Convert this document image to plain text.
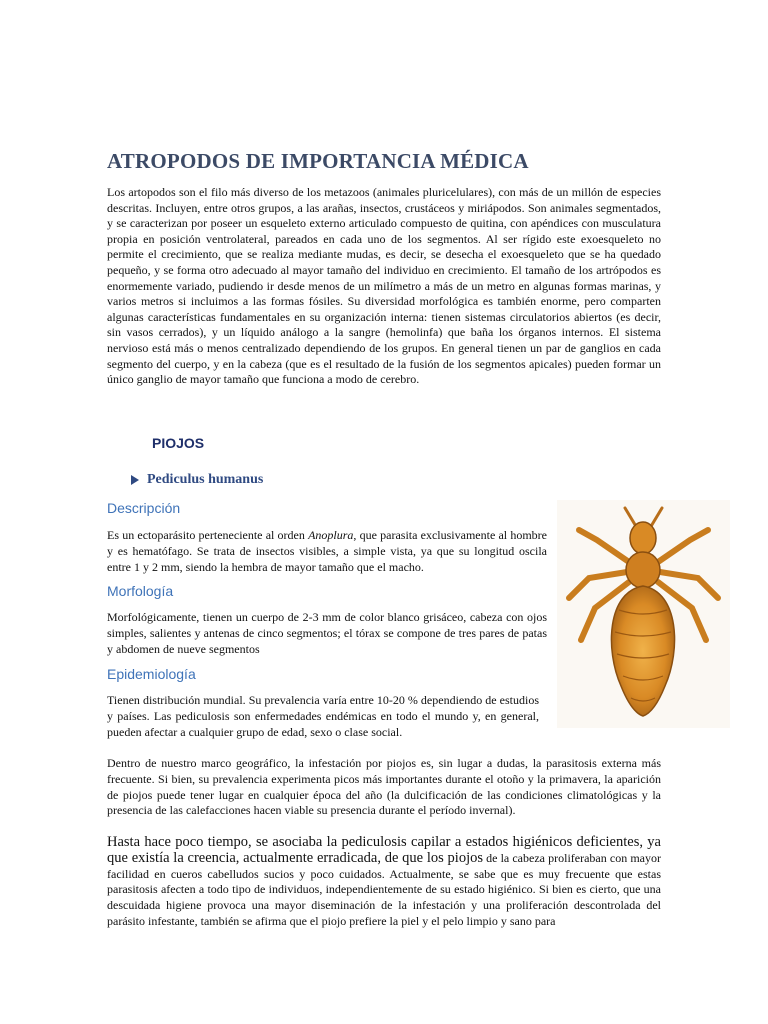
ATROPODOS DE IMPORTANCIA MÉDICA

Los artopodos son el filo más diverso de los metazoos (animales pluricelulares), con más de un millón de especies descritas. Incluyen, entre otros grupos, a las arañas, insectos, crustáceos y miriápodos. Son animales segmentados, y se caracterizan por poseer un esqueleto externo articulado compuesto de quitina, con apéndices con musculatura propia en posición ventrolateral, pareados en cada uno de los segmentos. Al ser rígido este exoesqueleto no permite el crecimiento, que se realiza mediante mudas, es decir, se desecha el exoesqueleto que se ha quedado pequeño, y se forma otro adecuado al mayor tamaño del individuo en crecimiento. El tamaño de los artrópodos es enormemente variado, pudiendo ir desde menos de un milímetro a más de un metro en algunas formas marinas, y varios metros si incluimos a las formas fósiles. Su diversidad morfológica es también enorme, pero comparten algunas características fundamentales en su organización interna: tienen sistemas circulatorios abiertos (es decir, sin vasos cerrados), y un líquido análogo a la sangre (hemolinfa) que baña los órganos internos. El sistema nervioso está más o menos centralizado dependiendo de los grupos. En general tienen un par de ganglios en cada segmento del cuerpo, y en la cabeza (que es el resultado de la fusión de los segmentos apicales) pueden formar un único ganglio de mayor tamaño que funciona a modo de cerebro.

PIOJOS
Pediculus humanus
Descripción

Es un ectoparásito perteneciente al orden Anoplura, que parasita exclusivamente al hombre y es hematófago. Se trata de insectos visibles, a simple vista, ya que su longitud oscila entre 1 y 2 mm, siendo la hembra de mayor tamaño que el macho.

Morfología

Morfológicamente, tienen un cuerpo de 2-3 mm de color blanco grisáceo, cabeza con ojos simples, salientes y antenas de cinco segmentos; el tórax se compone de tres pares de patas y abdomen de nueve segmentos

Epidemiología

Tienen distribución mundial. Su prevalencia varía entre 10-20 % dependiendo de estudios y países. Las pediculosis son enfermedades endémicas en todo el mundo y, en general, pueden afectar a cualquier grupo de edad, sexo o clase social.

Dentro de nuestro marco geográfico, la infestación por piojos es, sin lugar a dudas, la parasitosis externa más frecuente. Si bien, su prevalencia experimenta picos más importantes durante el otoño y la primavera, la aparición de piojos puede tener lugar en cualquier época del año (la dulcificación de las condiciones climatológicas y la presencia de las calefacciones hacen viable su presencia durante el período invernal).

Hasta hace poco tiempo, se asociaba la pediculosis capilar a estados higiénicos deficientes, ya que existía la creencia, actualmente erradicada, de que los piojos de la cabeza proliferaban con mayor facilidad en cueros cabelludos sucios y poco cuidados. Actualmente, se sabe que es muy frecuente que estas parasitosis afecten a todo tipo de individuos, independientemente de su estado higiénico. Si bien es cierto, que una descuidada higiene provoca una mayor diseminación de la infestación y una proliferación descontrolada del parásito infestante, también se afirma que el piojo prefiere la piel y el pelo limpio y sano para
